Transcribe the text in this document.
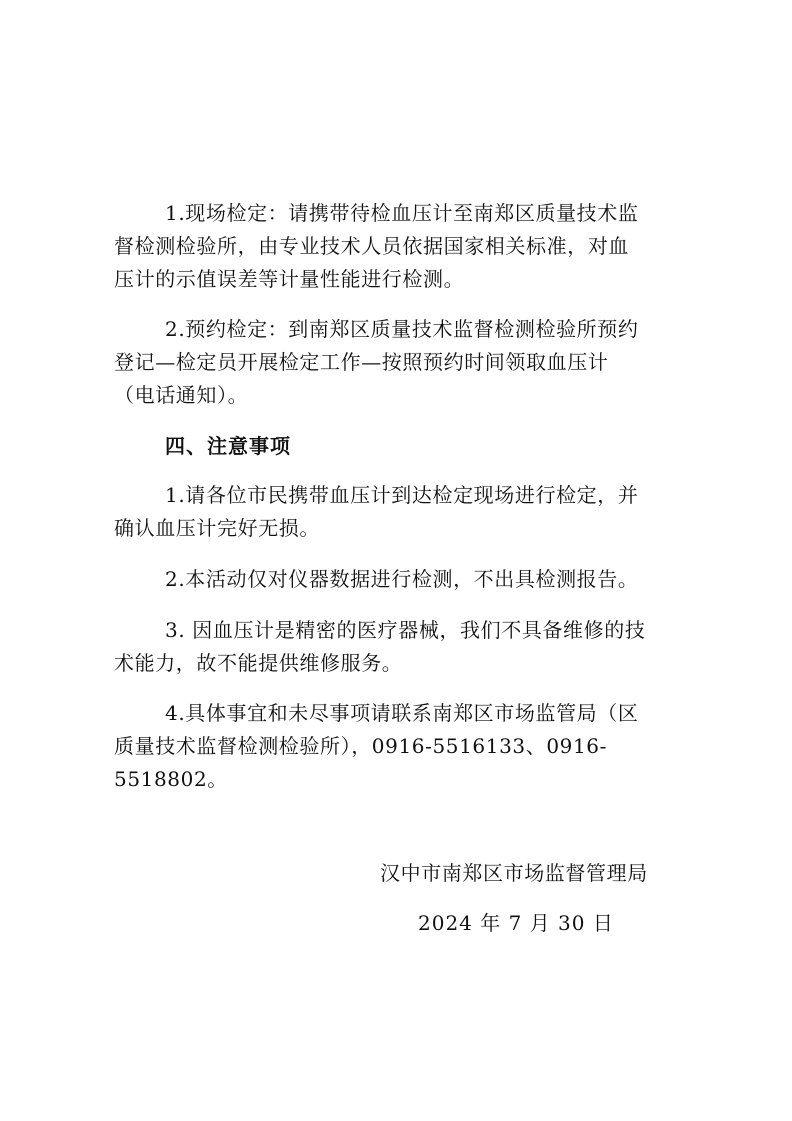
1.现场检定：请携带待检血压计至南郑区质量技术监
督检测检验所，由专业技术人员依据国家相关标准，对血
压计的示值误差等计量性能进行检测。
2.预约检定：到南郑区质量技术监督检测检验所预约
登记—检定员开展检定工作—按照预约时间领取血压计
（电话通知）。
四、注意事项
1.请各位市民携带血压计到达检定现场进行检定，并
确认血压计完好无损。
2.本活动仅对仪器数据进行检测，不出具检测报告。
3. 因血压计是精密的医疗器械，我们不具备维修的技
术能力，故不能提供维修服务。
4.具体事宜和未尽事项请联系南郑区市场监管局（区
质量技术监督检测检验所），0916-5516133、0916-
5518802。
汉中市南郑区市场监督管理局
2024 年 7 月 30 日
